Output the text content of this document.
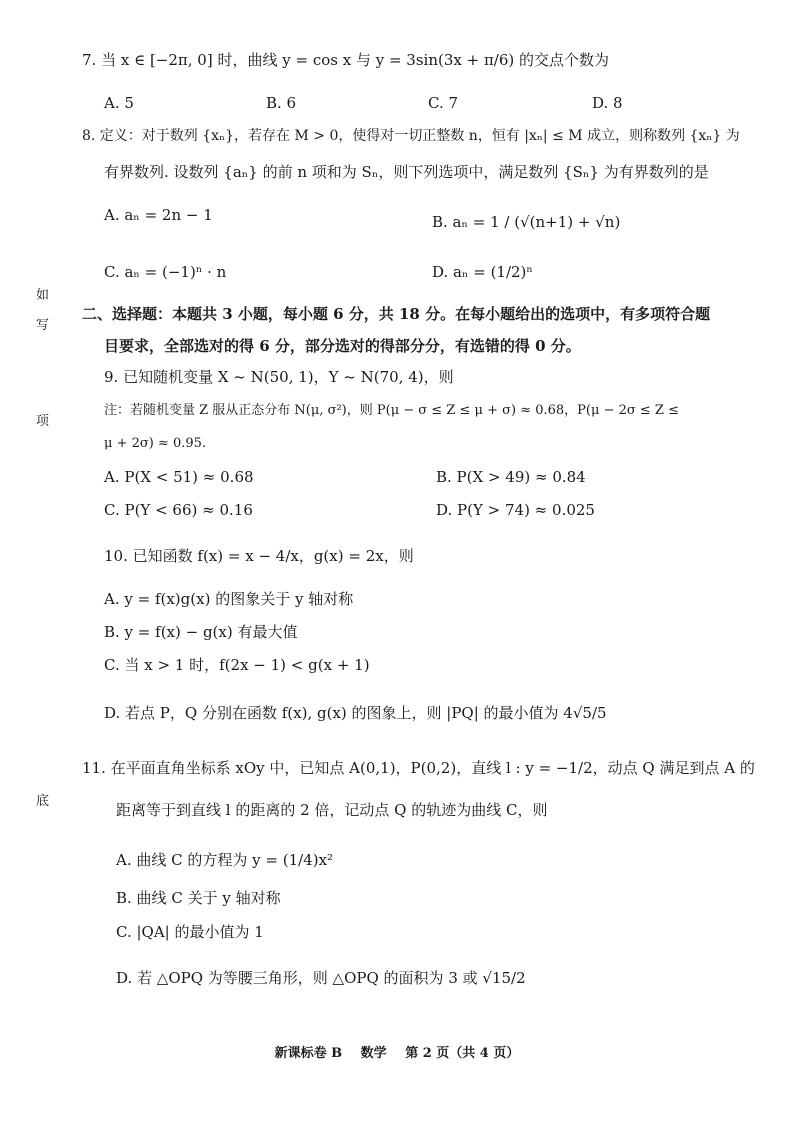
如
写
项
底
7. 当 x ∈ [−2π, 0] 时，曲线 y = cos x 与 y = 3sin(3x + π/6) 的交点个数为
A. 5	B. 6	C. 7	D. 8
8. 定义：对于数列 {xₙ}，若存在 M > 0，使得对一切正整数 n，恒有 |xₙ| ≤ M 成立，则称数列 {xₙ} 为
有界数列. 设数列 {aₙ} 的前 n 项和为 Sₙ，则下列选项中，满足数列 {Sₙ} 为有界数列的是
A. aₙ = 2n − 1	B. aₙ = 1 / (√(n+1) + √n)
C. aₙ = (−1)ⁿ · n	D. aₙ = (1/2)ⁿ
二、选择题：本题共 3 小题，每小题 6 分，共 18 分。在每小题给出的选项中，有多项符合题
目要求，全部选对的得 6 分，部分选对的得部分分，有选错的得 0 分。
9. 已知随机变量 X ~ N(50, 1)，Y ~ N(70, 4)，则
注：若随机变量 Z 服从正态分布 N(μ, σ²)，则 P(μ − σ ≤ Z ≤ μ + σ) ≈ 0.68，P(μ − 2σ ≤ Z ≤
μ + 2σ) ≈ 0.95.
A. P(X < 51) ≈ 0.68	B. P(X > 49) ≈ 0.84
C. P(Y < 66) ≈ 0.16	D. P(Y > 74) ≈ 0.025
10. 已知函数 f(x) = x − 4/x，g(x) = 2x，则
A. y = f(x)g(x) 的图象关于 y 轴对称
B. y = f(x) − g(x) 有最大值
C. 当 x > 1 时，f(2x − 1) < g(x + 1)
D. 若点 P，Q 分别在函数 f(x), g(x) 的图象上，则 |PQ| 的最小值为 4√5/5
11. 在平面直角坐标系 xOy 中，已知点 A(0,1)，P(0,2)，直线 l : y = −1/2，动点 Q 满足到点 A 的
距离等于到直线 l 的距离的 2 倍，记动点 Q 的轨迹为曲线 C，则
A. 曲线 C 的方程为 y = (1/4)x²
B. 曲线 C 关于 y 轴对称
C. |QA| 的最小值为 1
D. 若 △OPQ 为等腰三角形，则 △OPQ 的面积为 3 或 √15/2
新课标卷 B 数学 第 2 页（共 4 页）
